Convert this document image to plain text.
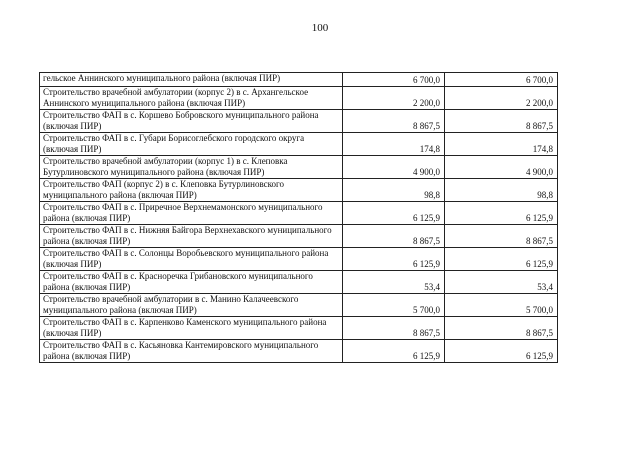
100
гельское Аннинского муниципального района (включая ПИР)	6 700,0	6 700,0
Строительство врачебной амбулатории (корпус 2) в с. Архангельское Аннинского муниципального района (включая ПИР)	2 200,0	2 200,0
Строительство ФАП в с. Коршево Бобровского муниципального района (включая ПИР)	8 867,5	8 867,5
Строительство ФАП в с. Губари Борисоглебского городского округа (включая ПИР)	174,8	174,8
Строительство врачебной амбулатории (корпус 1) в с. Клеповка Бутурлиновского муниципального района (включая ПИР)	4 900,0	4 900,0
Строительство ФАП (корпус 2) в с. Клеповка Бутурлиновского муниципального района (включая ПИР)	98,8	98,8
Строительство ФАП в с. Приречное Верхнемамонского муниципального района (включая ПИР)	6 125,9	6 125,9
Строительство ФАП в с. Нижняя Байгора Верхнехавского муниципального района (включая ПИР)	8 867,5	8 867,5
Строительство ФАП в с. Солонцы Воробьевского муниципального района (включая ПИР)	6 125,9	6 125,9
Строительство ФАП в с. Красноречка Грибановского муниципального района (включая ПИР)	53,4	53,4
Строительство врачебной амбулатории в с. Манино Калачеевского муниципального района (включая ПИР)	5 700,0	5 700,0
Строительство ФАП в с. Карпенково Каменского муниципального района (включая ПИР)	8 867,5	8 867,5
Строительство ФАП в с. Касьяновка Кантемировского муниципального района (включая ПИР)	6 125,9	6 125,9
